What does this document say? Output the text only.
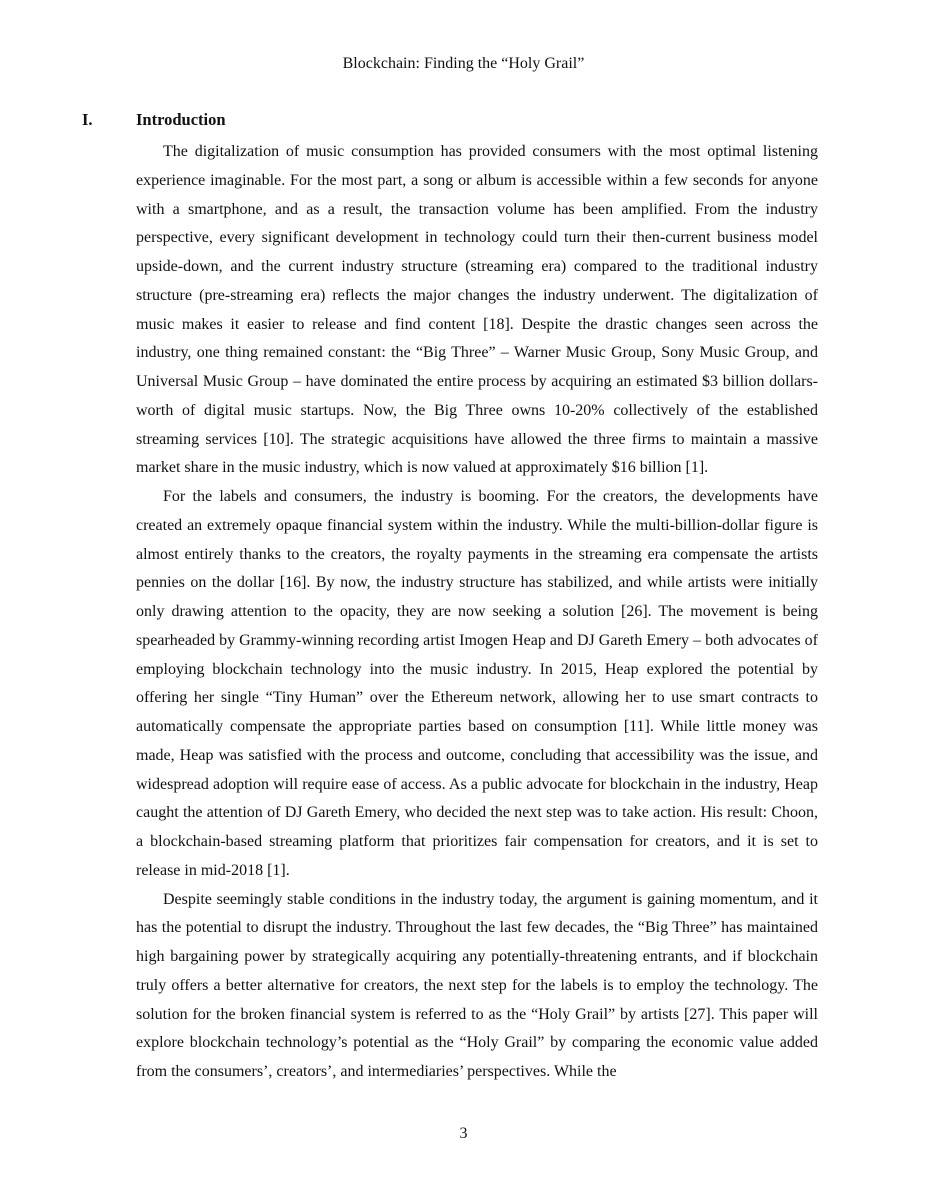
Blockchain: Finding the “Holy Grail”
I.	Introduction

The digitalization of music consumption has provided consumers with the most optimal listening experience imaginable. For the most part, a song or album is accessible within a few seconds for anyone with a smartphone, and as a result, the transaction volume has been amplified. From the industry perspective, every significant development in technology could turn their then-current business model upside-down, and the current industry structure (streaming era) compared to the traditional industry structure (pre-streaming era) reflects the major changes the industry underwent. The digitalization of music makes it easier to release and find content [18]. Despite the drastic changes seen across the industry, one thing remained constant: the “Big Three” – Warner Music Group, Sony Music Group, and Universal Music Group – have dominated the entire process by acquiring an estimated $3 billion dollars-worth of digital music startups. Now, the Big Three owns 10-20% collectively of the established streaming services [10]. The strategic acquisitions have allowed the three firms to maintain a massive market share in the music industry, which is now valued at approximately $16 billion [1].

For the labels and consumers, the industry is booming. For the creators, the developments have created an extremely opaque financial system within the industry. While the multi-billion-dollar figure is almost entirely thanks to the creators, the royalty payments in the streaming era compensate the artists pennies on the dollar [16]. By now, the industry structure has stabilized, and while artists were initially only drawing attention to the opacity, they are now seeking a solution [26]. The movement is being spearheaded by Grammy-winning recording artist Imogen Heap and DJ Gareth Emery – both advocates of employing blockchain technology into the music industry. In 2015, Heap explored the potential by offering her single “Tiny Human” over the Ethereum network, allowing her to use smart contracts to automatically compensate the appropriate parties based on consumption [11]. While little money was made, Heap was satisfied with the process and outcome, concluding that accessibility was the issue, and widespread adoption will require ease of access. As a public advocate for blockchain in the industry, Heap caught the attention of DJ Gareth Emery, who decided the next step was to take action. His result: Choon, a blockchain-based streaming platform that prioritizes fair compensation for creators, and it is set to release in mid-2018 [1].

Despite seemingly stable conditions in the industry today, the argument is gaining momentum, and it has the potential to disrupt the industry. Throughout the last few decades, the “Big Three” has maintained high bargaining power by strategically acquiring any potentially-threatening entrants, and if blockchain truly offers a better alternative for creators, the next step for the labels is to employ the technology. The solution for the broken financial system is referred to as the “Holy Grail” by artists [27]. This paper will explore blockchain technology’s potential as the “Holy Grail” by comparing the economic value added from the consumers’, creators’, and intermediaries’ perspectives. While the

3
